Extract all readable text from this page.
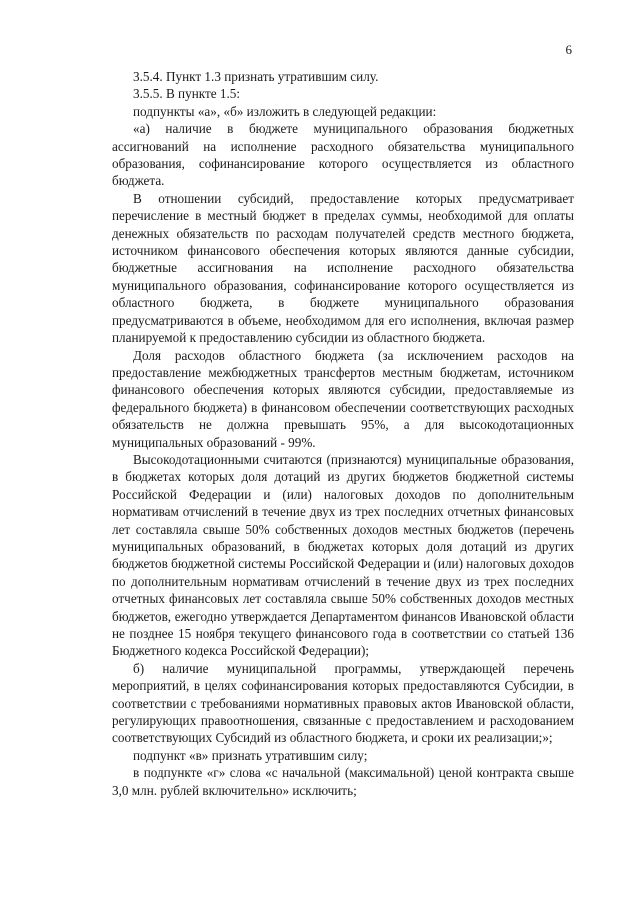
6

3.5.4. Пункт 1.3 признать утратившим силу.

3.5.5. В пункте 1.5:

подпункты «а», «б» изложить в следующей редакции:

«а) наличие в бюджете муниципального образования бюджетных ассигнований на исполнение расходного обязательства муниципального образования, софинансирование которого осуществляется из областного бюджета.

В отношении субсидий, предоставление которых предусматривает перечисление в местный бюджет в пределах суммы, необходимой для оплаты денежных обязательств по расходам получателей средств местного бюджета, источником финансового обеспечения которых являются данные субсидии, бюджетные ассигнования на исполнение расходного обязательства муниципального образования, софинансирование которого осуществляется из областного бюджета, в бюджете муниципального образования предусматриваются в объеме, необходимом для его исполнения, включая размер планируемой к предоставлению субсидии из областного бюджета.

Доля расходов областного бюджета (за исключением расходов на предоставление межбюджетных трансфертов местным бюджетам, источником финансового обеспечения которых являются субсидии, предоставляемые из федерального бюджета) в финансовом обеспечении соответствующих расходных обязательств не должна превышать 95%, а для высокодотационных муниципальных образований - 99%.

Высокодотационными считаются (признаются) муниципальные образования, в бюджетах которых доля дотаций из других бюджетов бюджетной системы Российской Федерации и (или) налоговых доходов по дополнительным нормативам отчислений в течение двух из трех последних отчетных финансовых лет составляла свыше 50% собственных доходов местных бюджетов (перечень муниципальных образований, в бюджетах которых доля дотаций из других бюджетов бюджетной системы Российской Федерации и (или) налоговых доходов по дополнительным нормативам отчислений в течение двух из трех последних отчетных финансовых лет составляла свыше 50% собственных доходов местных бюджетов, ежегодно утверждается Департаментом финансов Ивановской области не позднее 15 ноября текущего финансового года в соответствии со статьей 136 Бюджетного кодекса Российской Федерации);

б) наличие муниципальной программы, утверждающей перечень мероприятий, в целях софинансирования которых предоставляются Субсидии, в соответствии с требованиями нормативных правовых актов Ивановской области, регулирующих правоотношения, связанные с предоставлением и расходованием соответствующих Субсидий из областного бюджета, и сроки их реализации;»;

подпункт «в» признать утратившим силу;

в подпункте «г» слова «с начальной (максимальной) ценой контракта свыше 3,0 млн. рублей включительно» исключить;
